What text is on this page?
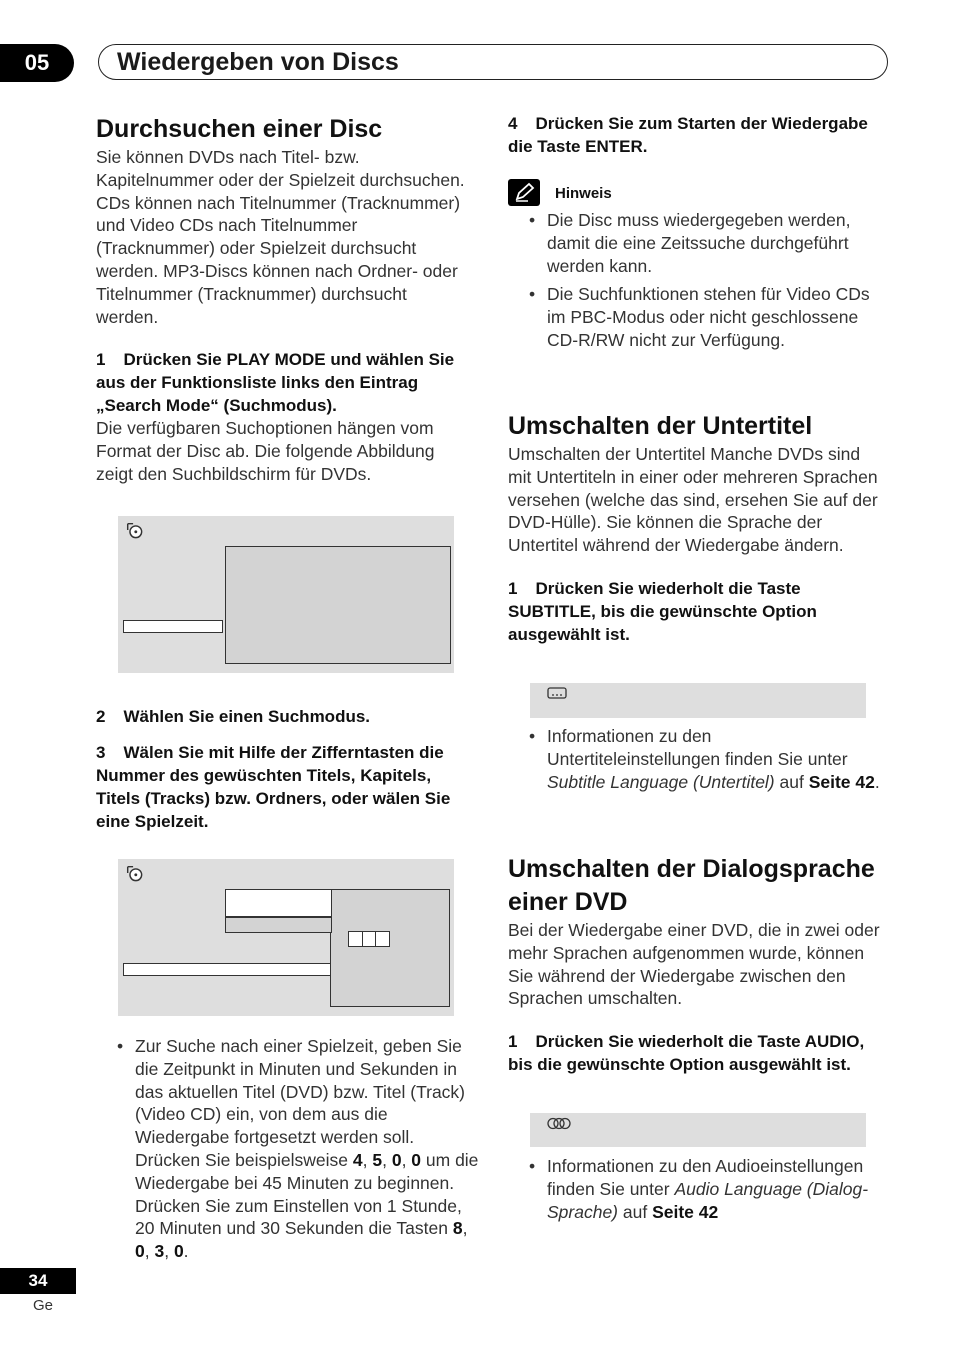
05	Wiedergeben von Discs
Durchsuchen einer Disc
Sie können DVDs nach Titel- bzw. Kapitelnummer oder der Spielzeit durchsuchen. CDs können nach Titelnummer (Tracknummer) und Video CDs nach Titelnummer (Tracknummer) oder Spielzeit durchsucht werden. MP3-Discs können nach Ordner- oder Titelnummer (Tracknummer) durchsucht werden.
1 Drücken Sie PLAY MODE und wählen Sie aus der Funktionsliste links den Eintrag „Search Mode“ (Suchmodus).
Die verfügbaren Suchoptionen hängen vom Format der Disc ab. Die folgende Abbildung zeigt den Suchbildschirm für DVDs.
2 Wählen Sie einen Suchmodus.
3 Wälen Sie mit Hilfe der Zifferntasten die Nummer des gewüschten Titels, Kapitels, Titels (Tracks) bzw. Ordners, oder wälen Sie eine Spielzeit.
• Zur Suche nach einer Spielzeit, geben Sie die Zeitpunkt in Minuten und Sekunden in das aktuellen Titel (DVD) bzw. Titel (Track) (Video CD) ein, von dem aus die Wiedergabe fortgesetzt werden soll. Drücken Sie beispielsweise 4, 5, 0, 0 um die Wiedergabe bei 45 Minuten zu beginnen. Drücken Sie zum Einstellen von 1 Stunde, 20 Minuten und 30 Sekunden die Tasten 8, 0, 3, 0.
4 Drücken Sie zum Starten der Wiedergabe die Taste ENTER.
Hinweis
• Die Disc muss wiedergegeben werden, damit die eine Zeitssuche durchgeführt werden kann.
• Die Suchfunktionen stehen für Video CDs im PBC-Modus oder nicht geschlossene CD-R/RW nicht zur Verfügung.
Umschalten der Untertitel
Umschalten der Untertitel Manche DVDs sind mit Untertiteln in einer oder mehreren Sprachen versehen (welche das sind, ersehen Sie auf der DVD-Hülle). Sie können die Sprache der Untertitel während der Wiedergabe ändern.
1 Drücken Sie wiederholt die Taste SUBTITLE, bis die gewünschte Option ausgewählt ist.
• Informationen zu den Untertiteleinstellungen finden Sie unter Subtitle Language (Untertitel) auf Seite 42.
Umschalten der Dialogsprache einer DVD
Bei der Wiedergabe einer DVD, die in zwei oder mehr Sprachen aufgenommen wurde, können Sie während der Wiedergabe zwischen den Sprachen umschalten.
1 Drücken Sie wiederholt die Taste AUDIO, bis die gewünschte Option ausgewählt ist.
• Informationen zu den Audioeinstellungen finden Sie unter Audio Language (Dialog-Sprache) auf Seite 42
34
Ge
